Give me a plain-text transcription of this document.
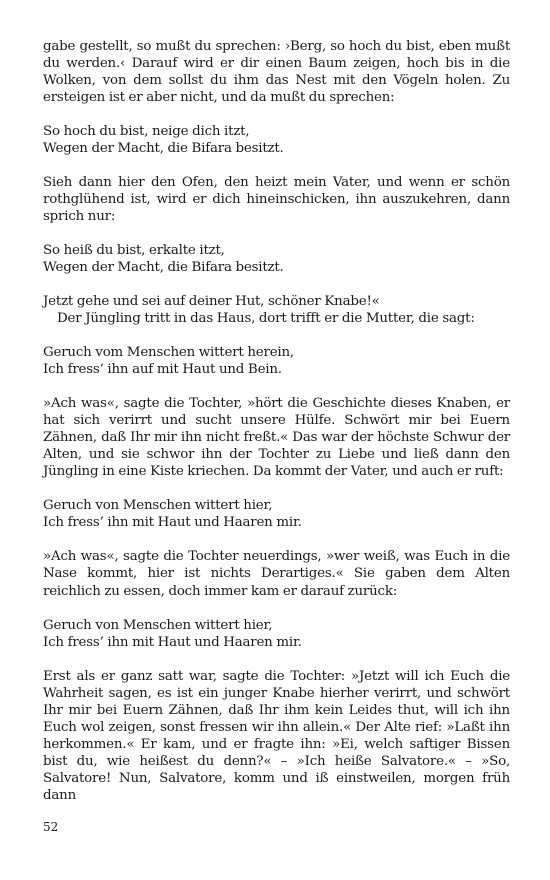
gabe gestellt, so mußt du sprechen: ›Berg, so hoch du bist, eben mußt du werden.‹ Darauf wird er dir einen Baum zeigen, hoch bis in die Wolken, von dem sollst du ihm das Nest mit den Vögeln holen. Zu ersteigen ist er aber nicht, und da mußt du sprechen:

So hoch du bist, neige dich itzt,
Wegen der Macht, die Bifara besitzt.

Sieh dann hier den Ofen, den heizt mein Vater, und wenn er schön rothglühend ist, wird er dich hineinschicken, ihn auszukehren, dann sprich nur:

So heiß du bist, erkalte itzt,
Wegen der Macht, die Bifara besitzt.

Jetzt gehe und sei auf deiner Hut, schöner Knabe!«

Der Jüngling tritt in das Haus, dort trifft er die Mutter, die sagt:

Geruch vom Menschen wittert herein,
Ich fress’ ihn auf mit Haut und Bein.

»Ach was«, sagte die Tochter, »hört die Geschichte dieses Knaben, er hat sich verirrt und sucht unsere Hülfe. Schwört mir bei Euern Zähnen, daß Ihr mir ihn nicht freßt.« Das war der höchste Schwur der Alten, und sie schwor ihn der Tochter zu Liebe und ließ dann den Jüngling in eine Kiste kriechen. Da kommt der Vater, und auch er ruft:

Geruch von Menschen wittert hier,
Ich fress’ ihn mit Haut und Haaren mir.

»Ach was«, sagte die Tochter neuerdings, »wer weiß, was Euch in die Nase kommt, hier ist nichts Derartiges.« Sie gaben dem Alten reichlich zu essen, doch immer kam er darauf zurück:

Geruch von Menschen wittert hier,
Ich fress’ ihn mit Haut und Haaren mir.

Erst als er ganz satt war, sagte die Tochter: »Jetzt will ich Euch die Wahrheit sagen, es ist ein junger Knabe hierher verirrt, und schwört Ihr mir bei Euern Zähnen, daß Ihr ihm kein Leides thut, will ich ihn Euch wol zeigen, sonst fressen wir ihn allein.« Der Alte rief: »Laßt ihn herkommen.« Er kam, und er fragte ihn: »Ei, welch saftiger Bissen bist du, wie heißest du denn?« – »Ich heiße Salvatore.« – »So, Salvatore! Nun, Salvatore, komm und iß einstweilen, morgen früh dann

52
